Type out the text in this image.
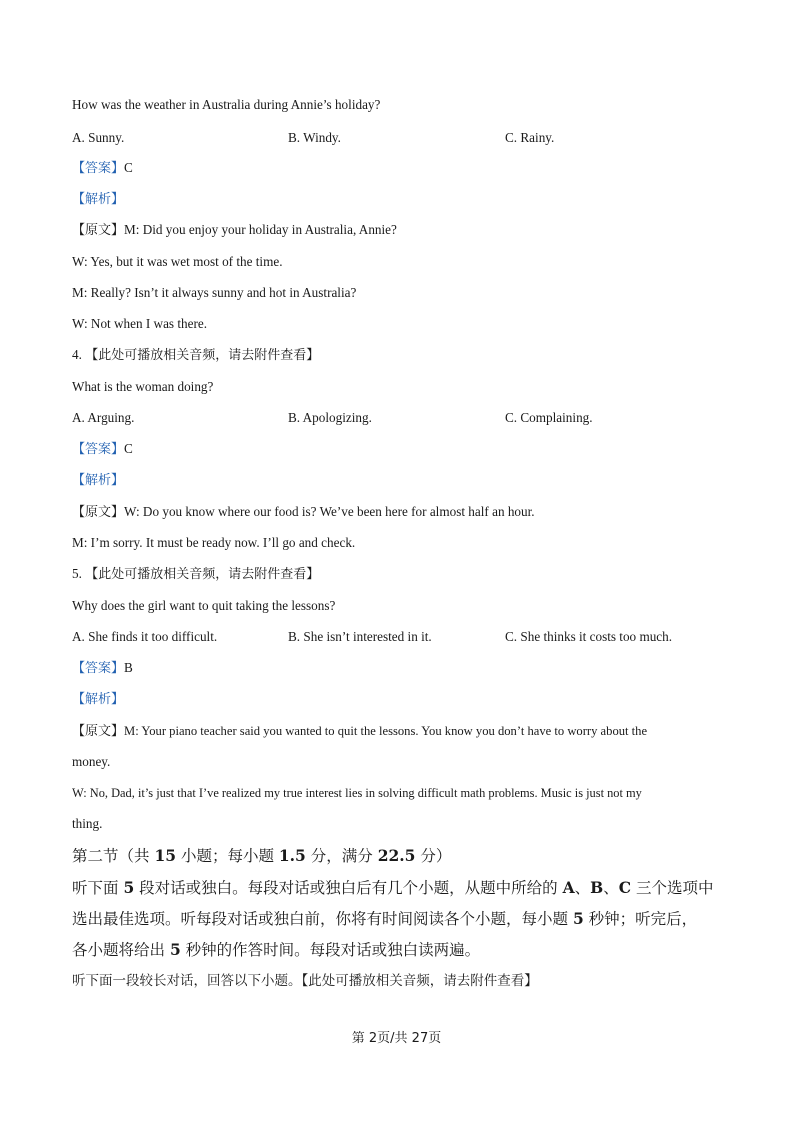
How was the weather in Australia during Annie’s holiday?
A. Sunny.	B. Windy.	C. Rainy.
【答案】C
【解析】
【原文】M: Did you enjoy your holiday in Australia, Annie?
W: Yes, but it was wet most of the time.
M: Really? Isn’t it always sunny and hot in Australia?
W: Not when I was there.
4. 【此处可播放相关音频，请去附件查看】
What is the woman doing?
A. Arguing.	B. Apologizing.	C. Complaining.
【答案】C
【解析】
【原文】W: Do you know where our food is? We’ve been here for almost half an hour.
M: I’m sorry. It must be ready now. I’ll go and check.
5. 【此处可播放相关音频，请去附件查看】
Why does the girl want to quit taking the lessons?
A. She finds it too difficult.	B. She isn’t interested in it.	C. She thinks it costs too much.
【答案】B
【解析】
【原文】M: Your piano teacher said you wanted to quit the lessons. You know you don’t have to worry about the
money.
W: No, Dad, it’s just that I’ve realized my true interest lies in solving difficult math problems. Music is just not my
thing.
第二节（共 15 小题；每小题 1.5 分，满分 22.5 分）
听下面 5 段对话或独白。每段对话或独白后有几个小题，从题中所给的 A、B、C 三个选项中
选出最佳选项。听每段对话或独白前，你将有时间阅读各个小题，每小题 5 秒钟；听完后，
各小题将给出 5 秒钟的作答时间。每段对话或独白读两遍。
听下面一段较长对话，回答以下小题。【此处可播放相关音频，请去附件查看】
第 2页/共 27页
